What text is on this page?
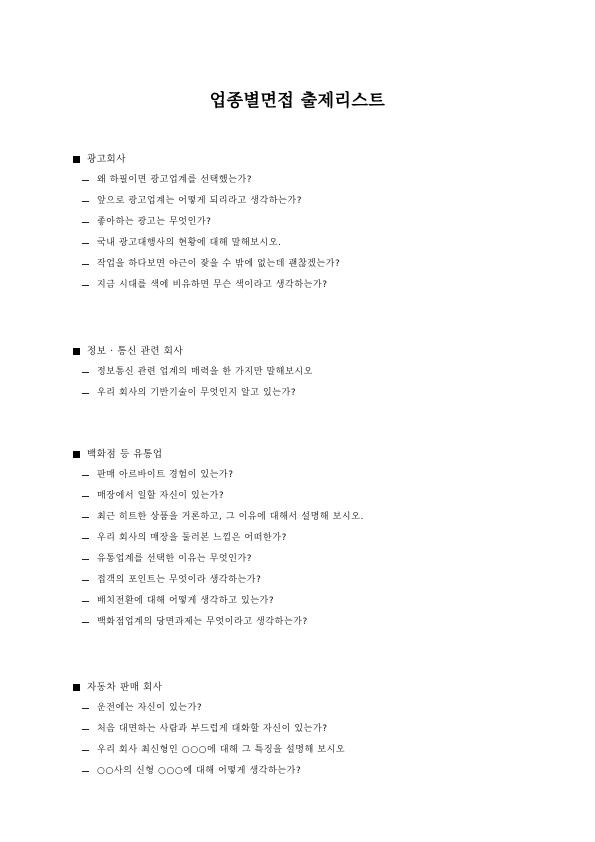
업종별면접 출제리스트
광고회사
왜 하필이면 광고업계를 선택했는가?
앞으로 광고업계는 어떻게 되리라고 생각하는가?
좋아하는 광고는 무엇인가?
국내 광고대행사의 현황에 대해 말해보시오.
작업을 하다보면 야근이 잦을 수 밖에 없는데 괜찮겠는가?
지금 시대를 색에 비유하면 무슨 색이라고 생각하는가?
정보 · 통신 관련 회사
정보통신 관련 업계의 매력을 한 가지만 말해보시오
우리 회사의 기반기술이 무엇인지 알고 있는가?
백화점 등 유통업
판매 아르바이트 경험이 있는가?
매장에서 일할 자신이 있는가?
최근 히트한 상품을 거론하고, 그 이유에 대해서 설명해 보시오.
우리 회사의 매장을 둘러본 느낌은 어떠한가?
유통업계를 선택한 이유는 무엇인가?
접객의 포인트는 무엇이라 생각하는가?
배치전환에 대해 어떻게 생각하고 있는가?
백화점업계의 당면과제는 무엇이라고 생각하는가?
자동차 판매 회사
운전에는 자신이 있는가?
처음 대면하는 사람과 부드럽게 대화할 자신이 있는가?
우리 회사 최신형인 ○○○에 대해 그 특징을 설명해 보시오
○○사의 신형 ○○○에 대해 어떻게 생각하는가?
